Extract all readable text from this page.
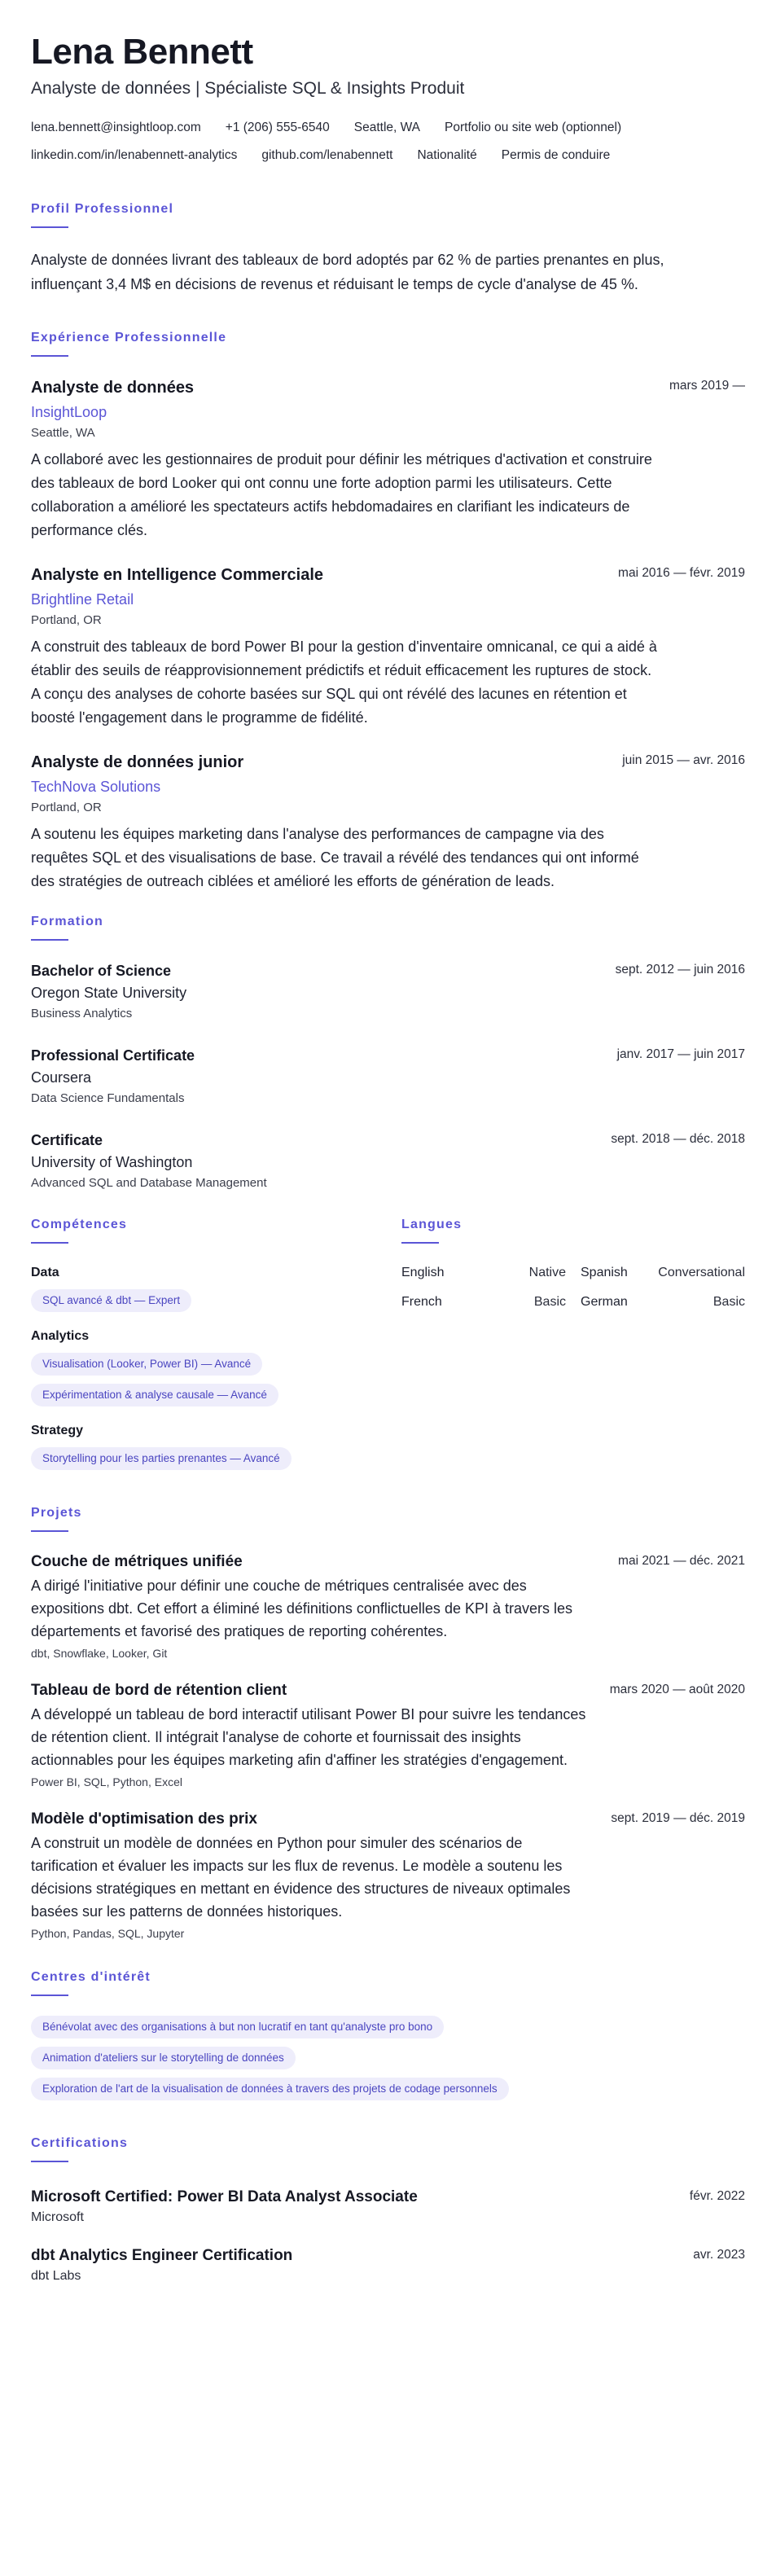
Lena Bennett
Analyste de données | Spécialiste SQL & Insights Produit
lena.bennett@insightloop.com +1 (206) 555-6540 Seattle, WA Portfolio ou site web (optionnel)
linkedin.com/in/lenabennett-analytics github.com/lenabennett Nationalité Permis de conduire
Profil Professionnel
Analyste de données livrant des tableaux de bord adoptés par 62 % de parties prenantes en plus, influençant 3,4 M$ en décisions de revenus et réduisant le temps de cycle d'analyse de 45 %.
Expérience Professionnelle
Analyste de données	mars 2019 —
InsightLoop
Seattle, WA
A collaboré avec les gestionnaires de produit pour définir les métriques d'activation et construire des tableaux de bord Looker qui ont connu une forte adoption parmi les utilisateurs. Cette collaboration a amélioré les spectateurs actifs hebdomadaires en clarifiant les indicateurs de performance clés.
Analyste en Intelligence Commerciale	mai 2016 — févr. 2019
Brightline Retail
Portland, OR
A construit des tableaux de bord Power BI pour la gestion d'inventaire omnicanal, ce qui a aidé à établir des seuils de réapprovisionnement prédictifs et réduit efficacement les ruptures de stock. A conçu des analyses de cohorte basées sur SQL qui ont révélé des lacunes en rétention et boosté l'engagement dans le programme de fidélité.
Analyste de données junior	juin 2015 — avr. 2016
TechNova Solutions
Portland, OR
A soutenu les équipes marketing dans l'analyse des performances de campagne via des requêtes SQL et des visualisations de base. Ce travail a révélé des tendances qui ont informé des stratégies de outreach ciblées et amélioré les efforts de génération de leads.
Formation
Bachelor of Science	sept. 2012 — juin 2016
Oregon State University
Business Analytics
Professional Certificate	janv. 2017 — juin 2017
Coursera
Data Science Fundamentals
Certificate	sept. 2018 — déc. 2018
University of Washington
Advanced SQL and Database Management
Compétences
Data
SQL avancé & dbt — Expert
Analytics
Visualisation (Looker, Power BI) — Avancé
Expérimentation & analyse causale — Avancé
Strategy
Storytelling pour les parties prenantes — Avancé
Langues
English	Native Spanish Conversational
French	Basic German	Basic
Projets
Couche de métriques unifiée	mai 2021 — déc. 2021
A dirigé l'initiative pour définir une couche de métriques centralisée avec des expositions dbt. Cet effort a éliminé les définitions conflictuelles de KPI à travers les départements et favorisé des pratiques de reporting cohérentes.
dbt, Snowflake, Looker, Git
Tableau de bord de rétention client	mars 2020 — août 2020
A développé un tableau de bord interactif utilisant Power BI pour suivre les tendances de rétention client. Il intégrait l'analyse de cohorte et fournissait des insights actionnables pour les équipes marketing afin d'affiner les stratégies d'engagement.
Power BI, SQL, Python, Excel
Modèle d'optimisation des prix	sept. 2019 — déc. 2019
A construit un modèle de données en Python pour simuler des scénarios de tarification et évaluer les impacts sur les flux de revenus. Le modèle a soutenu les décisions stratégiques en mettant en évidence des structures de niveaux optimales basées sur les patterns de données historiques.
Python, Pandas, SQL, Jupyter
Centres d'intérêt
Bénévolat avec des organisations à but non lucratif en tant qu'analyste pro bono
Animation d'ateliers sur le storytelling de données
Exploration de l'art de la visualisation de données à travers des projets de codage personnels
Certifications
Microsoft Certified: Power BI Data Analyst Associate	févr. 2022
Microsoft
dbt Analytics Engineer Certification	avr. 2023
dbt Labs
